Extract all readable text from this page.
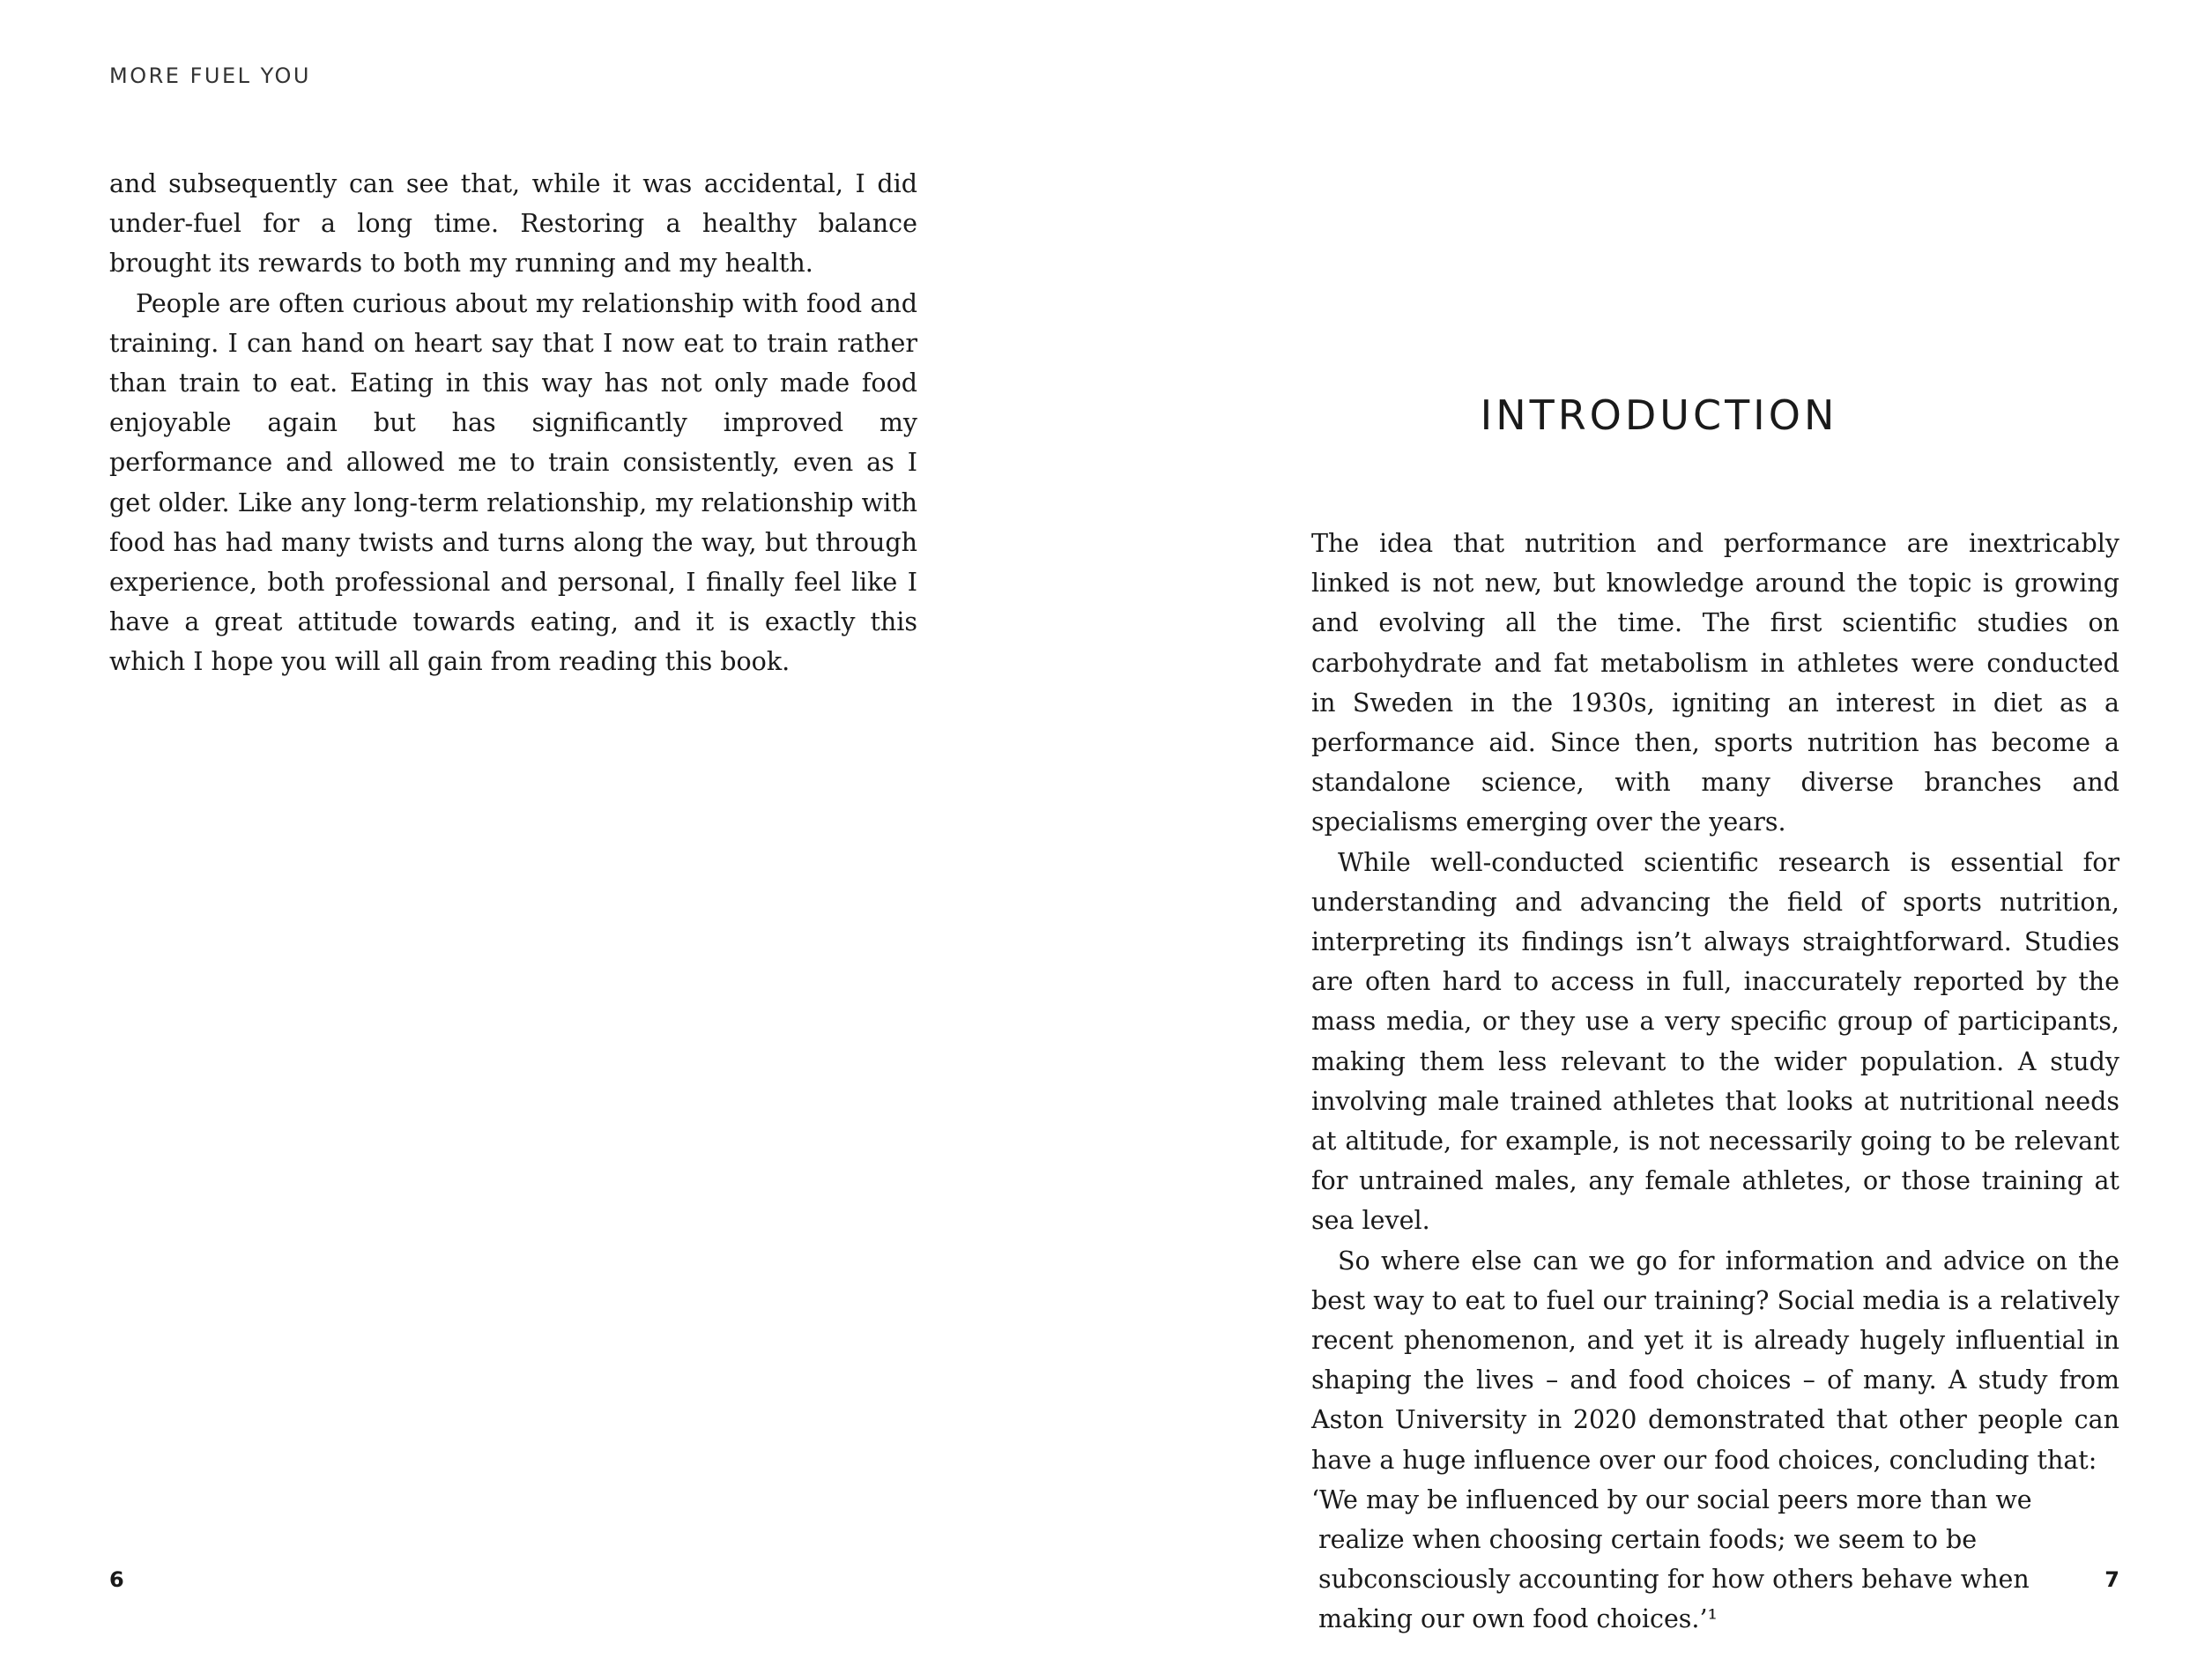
MORE FUEL YOU

and subsequently can see that, while it was accidental, I did under-fuel for a long time. Restoring a healthy balance brought its rewards to both my running and my health.

People are often curious about my relationship with food and training. I can hand on heart say that I now eat to train rather than train to eat. Eating in this way has not only made food enjoyable again but has significantly improved my performance and allowed me to train consistently, even as I get older. Like any long-term relationship, my relationship with food has had many twists and turns along the way, but through experience, both professional and personal, I finally feel like I have a great attitude towards eating, and it is exactly this which I hope you will all gain from reading this book.

6
INTRODUCTION

The idea that nutrition and performance are inextricably linked is not new, but knowledge around the topic is growing and evolving all the time. The first scientific studies on carbohydrate and fat metabolism in athletes were conducted in Sweden in the 1930s, igniting an interest in diet as a performance aid. Since then, sports nutrition has become a standalone science, with many diverse branches and specialisms emerging over the years.

While well-conducted scientific research is essential for understanding and advancing the field of sports nutrition, interpreting its findings isn’t always straightforward. Studies are often hard to access in full, inaccurately reported by the mass media, or they use a very specific group of participants, making them less relevant to the wider population. A study involving male trained athletes that looks at nutritional needs at altitude, for example, is not necessarily going to be relevant for untrained males, any female athletes, or those training at sea level.

So where else can we go for information and advice on the best way to eat to fuel our training? Social media is a relatively recent phenomenon, and yet it is already hugely influential in shaping the lives – and food choices – of many. A study from Aston University in 2020 demonstrated that other people can have a huge influence over our food choices, concluding that:

‘We may be influenced by our social peers more than we realize when choosing certain foods; we seem to be subconsciously accounting for how others behave when making our own food choices.’¹

7
